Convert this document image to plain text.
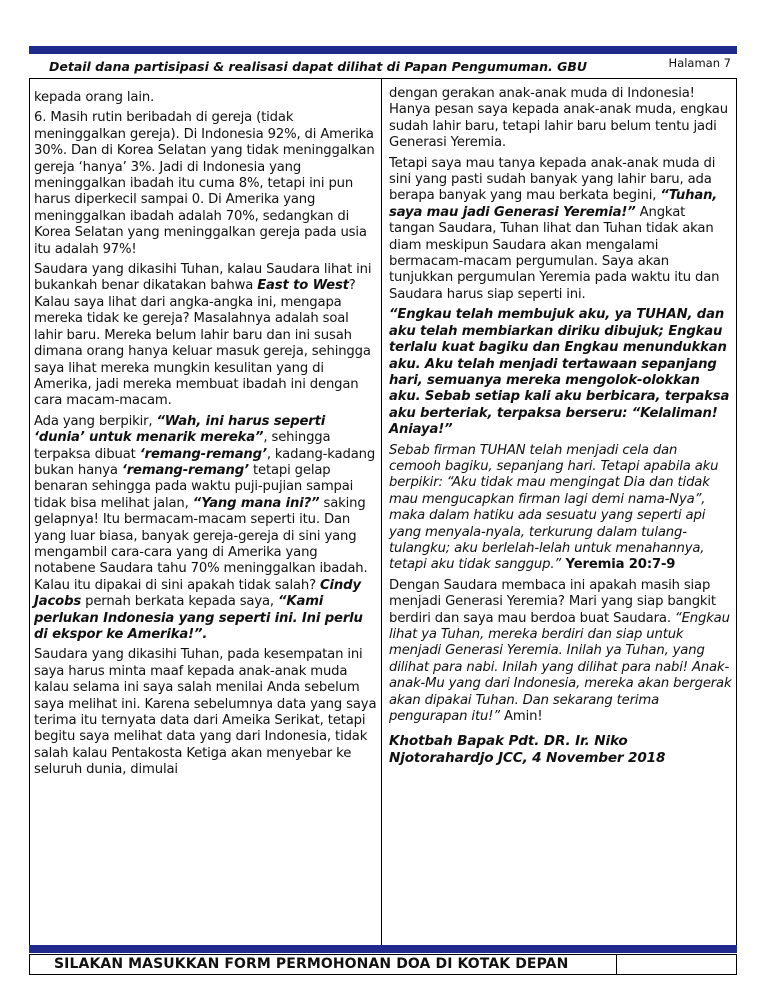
Detail dana partisipasi & realisasi dapat dilihat di Papan Pengumuman. GBU	Halaman 7

kepada orang lain.

6. Masih rutin beribadah di gereja (tidak meninggalkan gereja). Di Indonesia 92%, di Amerika 30%. Dan di Korea Selatan yang tidak meninggalkan gereja ‘hanya’ 3%. Jadi di Indonesia yang meninggalkan ibadah itu cuma 8%, tetapi ini pun harus diperkecil sampai 0. Di Amerika yang meninggalkan ibadah adalah 70%, sedangkan di Korea Selatan yang meninggalkan gereja pada usia itu adalah 97%!

Saudara yang dikasihi Tuhan, kalau Saudara lihat ini bukankah benar dikatakan bahwa East to West? Kalau saya lihat dari angka-angka ini, mengapa mereka tidak ke gereja? Masalahnya adalah soal lahir baru. Mereka belum lahir baru dan ini susah dimana orang hanya keluar masuk gereja, sehingga saya lihat mereka mungkin kesulitan yang di Amerika, jadi mereka membuat ibadah ini dengan cara macam-macam.

Ada yang berpikir, “Wah, ini harus seperti ‘dunia’ untuk menarik mereka”, sehingga terpaksa dibuat ‘remang-remang’, kadang-kadang bukan hanya ‘remang-remang’ tetapi gelap benaran sehingga pada waktu puji-pujian sampai tidak bisa melihat jalan, “Yang mana ini?” saking gelapnya! Itu bermacam-macam seperti itu. Dan yang luar biasa, banyak gereja-gereja di sini yang mengambil cara-cara yang di Amerika yang notabene Saudara tahu 70% meninggalkan ibadah. Kalau itu dipakai di sini apakah tidak salah? Cindy Jacobs pernah berkata kepada saya, “Kami perlukan Indonesia yang seperti ini. Ini perlu di ekspor ke Amerika!”.

Saudara yang dikasihi Tuhan, pada kesempatan ini saya harus minta maaf kepada anak-anak muda kalau selama ini saya salah menilai Anda sebelum saya melihat ini. Karena sebelumnya data yang saya terima itu ternyata data dari Ameika Serikat, tetapi begitu saya melihat data yang dari Indonesia, tidak salah kalau Pentakosta Ketiga akan menyebar ke seluruh dunia, dimulai

dengan gerakan anak-anak muda di Indonesia! Hanya pesan saya kepada anak-anak muda, engkau sudah lahir baru, tetapi lahir baru belum tentu jadi Generasi Yeremia.

Tetapi saya mau tanya kepada anak-anak muda di sini yang pasti sudah banyak yang lahir baru, ada berapa banyak yang mau berkata begini, “Tuhan, saya mau jadi Generasi Yeremia!” Angkat tangan Saudara, Tuhan lihat dan Tuhan tidak akan diam meskipun Saudara akan mengalami bermacam-macam pergumulan. Saya akan tunjukkan pergumulan Yeremia pada waktu itu dan Saudara harus siap seperti ini.

“Engkau telah membujuk aku, ya TUHAN, dan aku telah membiarkan diriku dibujuk; Engkau terlalu kuat bagiku dan Engkau menundukkan aku. Aku telah menjadi tertawaan sepanjang hari, semuanya mereka mengolok-olokkan aku. Sebab setiap kali aku berbicara, terpaksa aku berteriak, terpaksa berseru: “Kelaliman! Aniaya!”

Sebab firman TUHAN telah menjadi cela dan cemooh bagiku, sepanjang hari. Tetapi apabila aku berpikir: “Aku tidak mau mengingat Dia dan tidak mau mengucapkan firman lagi demi nama-Nya”, maka dalam hatiku ada sesuatu yang seperti api yang menyala-nyala, terkurung dalam tulang-tulangku; aku berlelah-lelah untuk menahannya, tetapi aku tidak sanggup.” Yeremia 20:7-9

Dengan Saudara membaca ini apakah masih siap menjadi Generasi Yeremia? Mari yang siap bangkit berdiri dan saya mau berdoa buat Saudara. “Engkau lihat ya Tuhan, mereka berdiri dan siap untuk menjadi Generasi Yeremia. Inilah ya Tuhan, yang dilihat para nabi. Inilah yang dilihat para nabi! Anak-anak-Mu yang dari Indonesia, mereka akan bergerak akan dipakai Tuhan. Dan sekarang terima pengurapan itu!” Amin!

Khotbah Bapak Pdt. DR. Ir. Niko Njotorahardjo JCC, 4 November 2018
SILAKAN MASUKKAN FORM PERMOHONAN DOA DI KOTAK DEPAN
